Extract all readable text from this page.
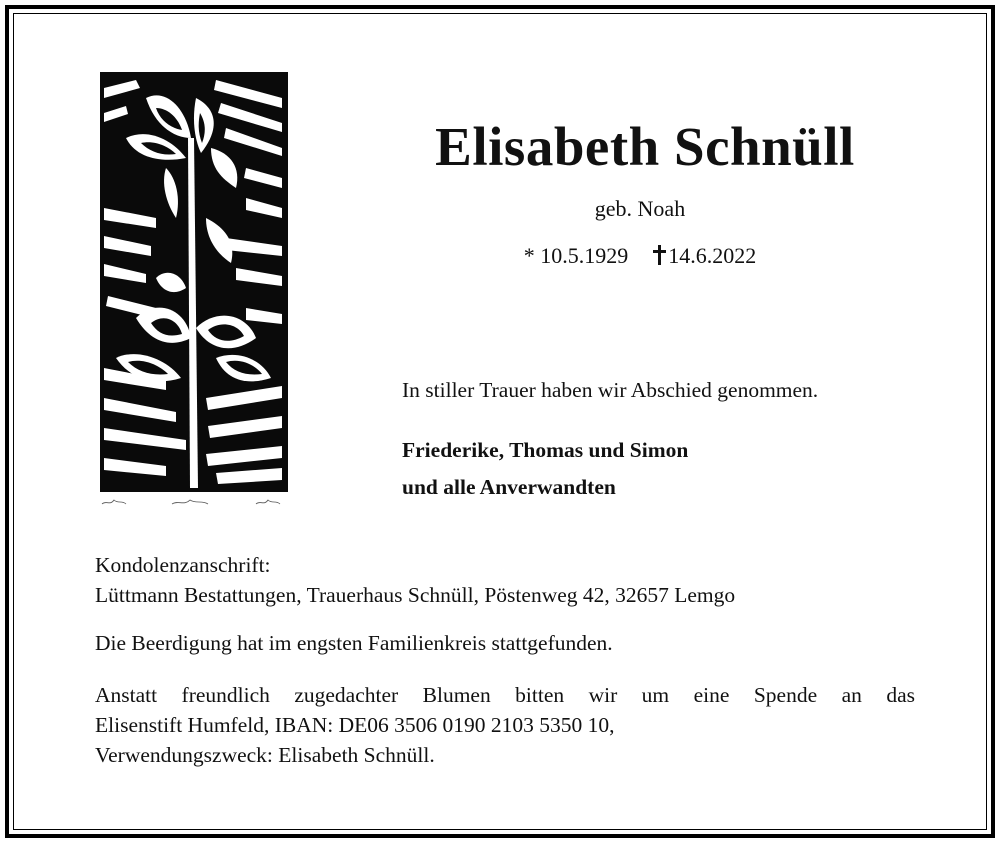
Elisabeth Schnüll
geb. Noah
* 10.5.1929 14.6.2022
In stiller Trauer haben wir Abschied genommen.
Friederike, Thomas und Simon
und alle Anverwandten
Kondolenzanschrift:
Lüttmann Bestattungen, Trauerhaus Schnüll, Pöstenweg 42, 32657 Lemgo
Die Beerdigung hat im engsten Familienkreis stattgefunden.
Anstatt freundlich zugedachter Blumen bitten wir um eine Spende an das
Elisenstift Humfeld, IBAN: DE06 3506 0190 2103 5350 10,
Verwendungszweck: Elisabeth Schnüll.
